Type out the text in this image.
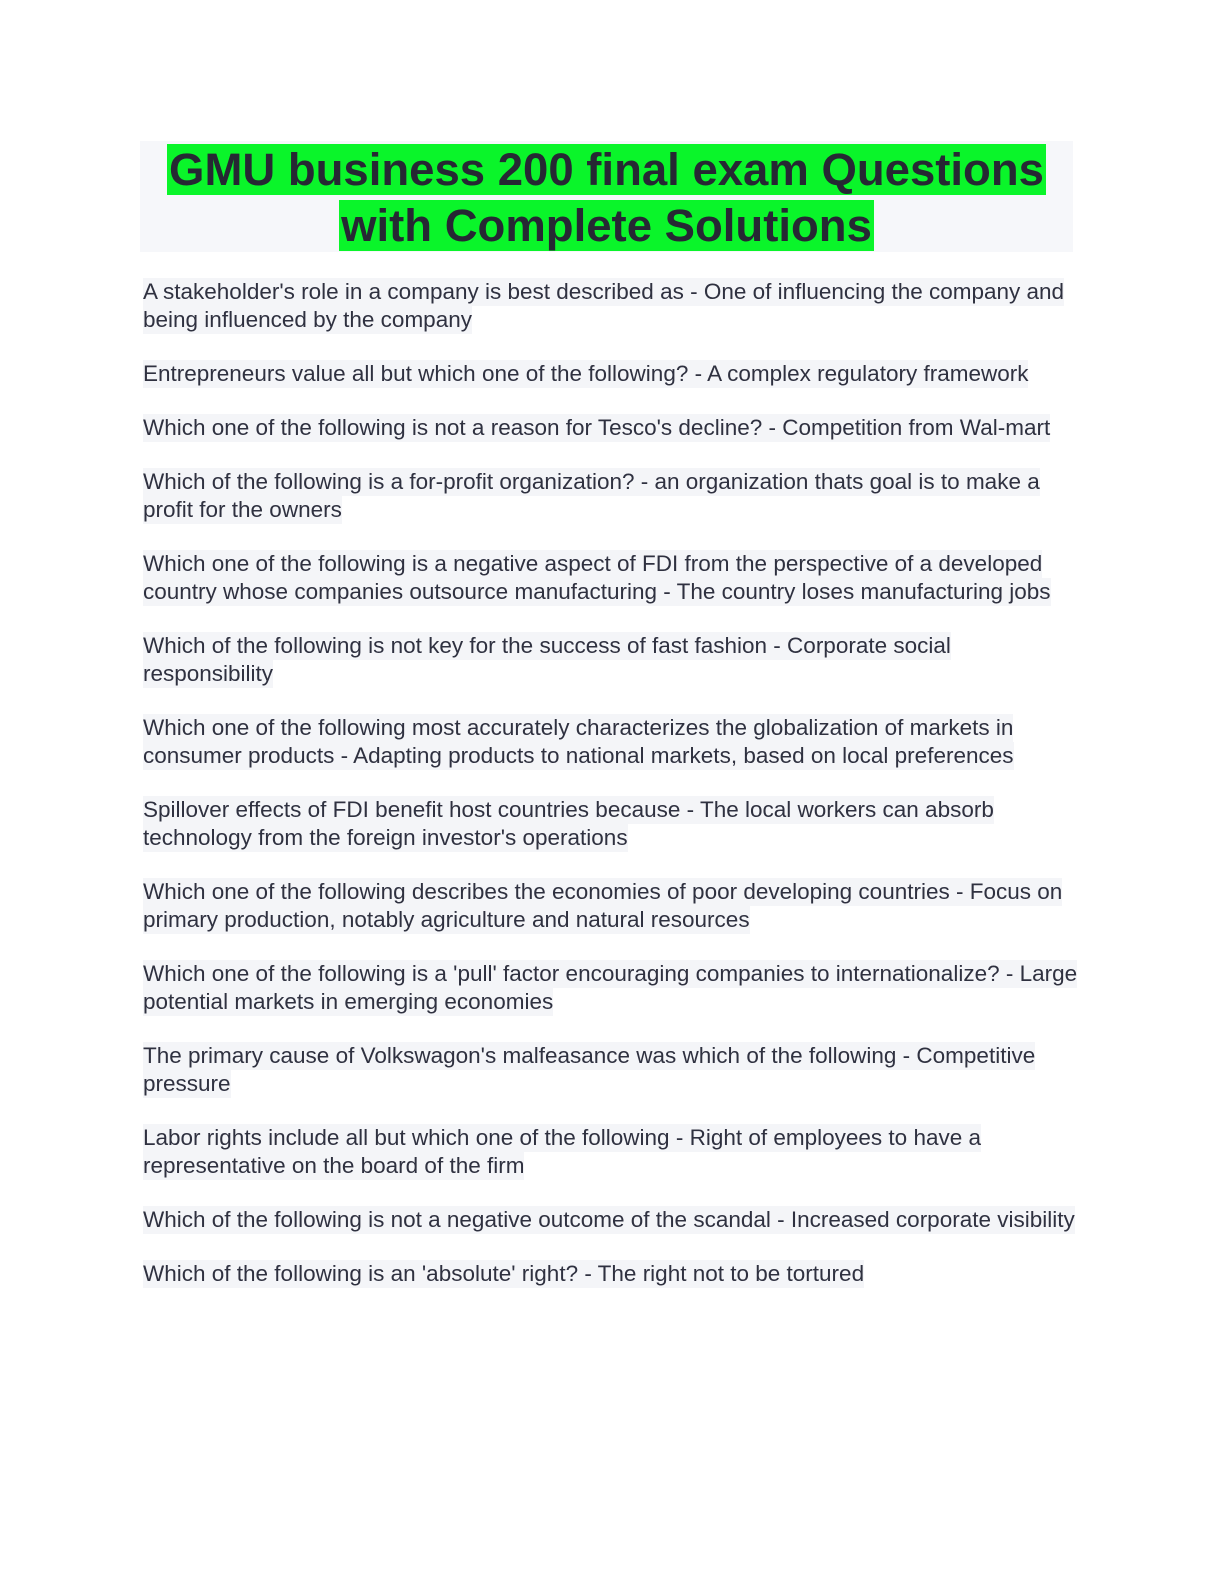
GMU business 200 final exam Questions
with Complete Solutions
A stakeholder's role in a company is best described as - One of influencing the company and being influenced by the company
Entrepreneurs value all but which one of the following? - A complex regulatory framework
Which one of the following is not a reason for Tesco's decline? - Competition from Wal-mart
Which of the following is a for-profit organization? - an organization thats goal is to make a profit for the owners
Which one of the following is a negative aspect of FDI from the perspective of a developed country whose companies outsource manufacturing - The country loses manufacturing jobs
Which of the following is not key for the success of fast fashion - Corporate social responsibility
Which one of the following most accurately characterizes the globalization of markets in consumer products - Adapting products to national markets, based on local preferences
Spillover effects of FDI benefit host countries because - The local workers can absorb technology from the foreign investor's operations
Which one of the following describes the economies of poor developing countries - Focus on primary production, notably agriculture and natural resources
Which one of the following is a 'pull' factor encouraging companies to internationalize? - Large potential markets in emerging economies
The primary cause of Volkswagon's malfeasance was which of the following - Competitive pressure
Labor rights include all but which one of the following - Right of employees to have a representative on the board of the firm
Which of the following is not a negative outcome of the scandal - Increased corporate visibility
Which of the following is an 'absolute' right? - The right not to be tortured
